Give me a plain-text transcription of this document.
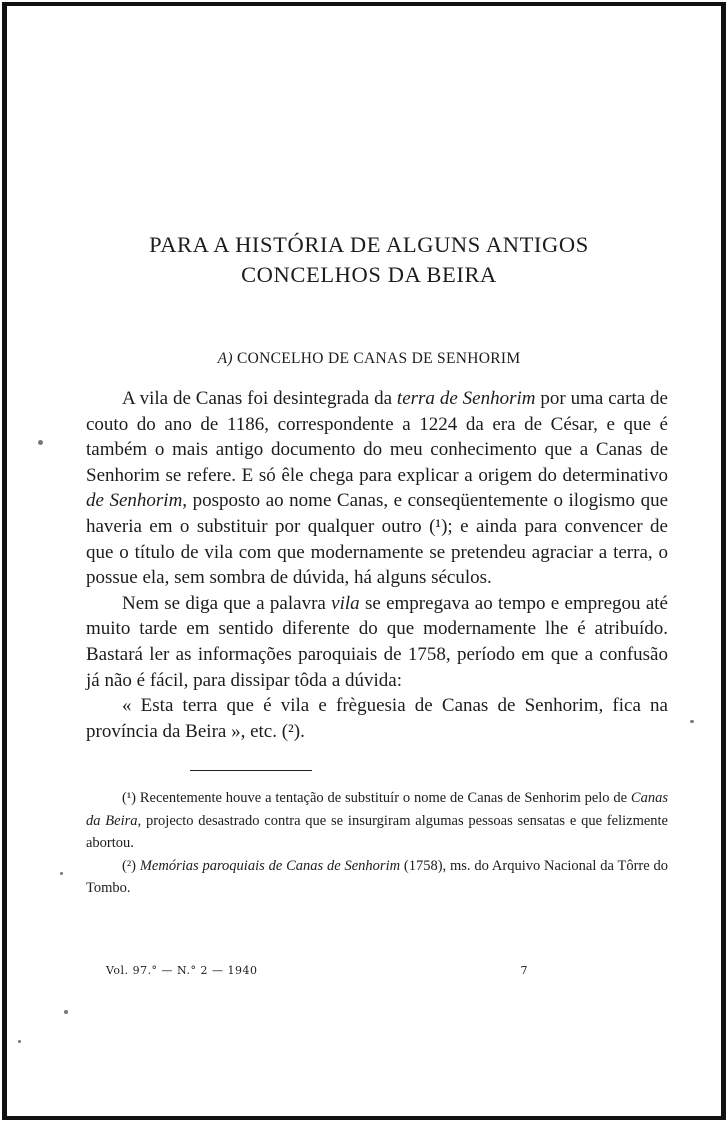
PARA A HISTÓRIA DE ALGUNS ANTIGOS
CONCELHOS DA BEIRA
A) CONCELHO DE CANAS DE SENHORIM

A vila de Canas foi desintegrada da terra de Senhorim por uma carta de couto do ano de 1186, correspondente a 1224 da era de César, e que é também o mais antigo documento do meu conhecimento que a Canas de Senhorim se refere. E só êle chega para explicar a origem do determinativo de Senhorim, posposto ao nome Canas, e conseqüentemente o ilogismo que haveria em o substituir por qualquer outro (¹); e ainda para convencer de que o título de vila com que modernamente se pretendeu agraciar a terra, o possue ela, sem sombra de dúvida, há alguns séculos.

Nem se diga que a palavra vila se empregava ao tempo e empregou até muito tarde em sentido diferente do que modernamente lhe é atribuído. Bastará ler as informações paroquiais de 1758, período em que a confusão já não é fácil, para dissipar tôda a dúvida:

« Esta terra que é vila e frèguesia de Canas de Senhorim, fica na província da Beira », etc. (²).

(¹) Recentemente houve a tentação de substituír o nome de Canas de Senhorim pelo de Canas da Beira, projecto desastrado contra que se insurgiram algumas pessoas sensatas e que felizmente abortou.

(²) Memórias paroquiais de Canas de Senhorim (1758), ms. do Arquivo Nacional da Tôrre do Tombo.

Vol. 97.° — N.° 2 — 1940	7
